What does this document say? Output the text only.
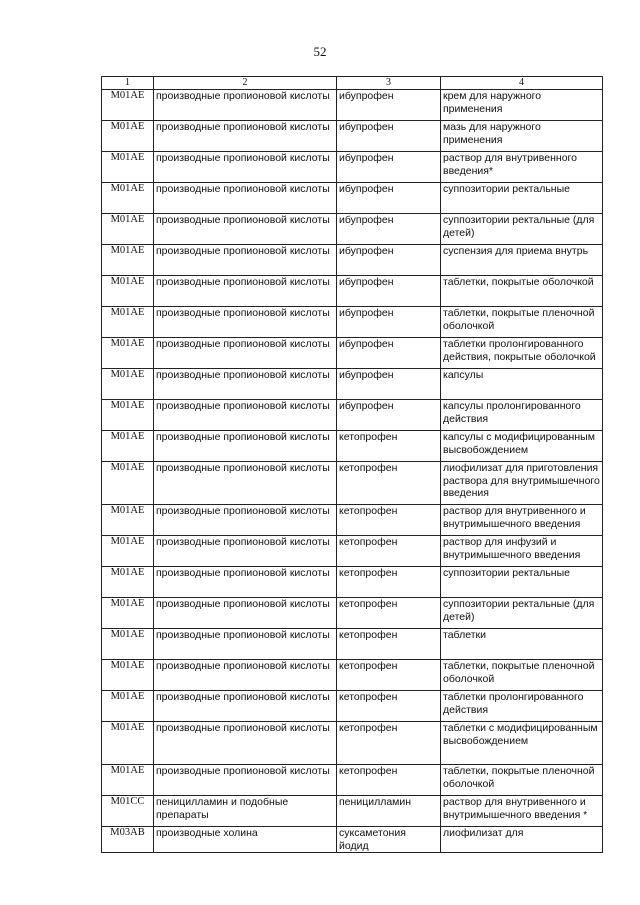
52
1	2	3	4
M01AE	производные пропионовой кислоты	ибупрофен	крем для наружного применения
M01AE	производные пропионовой кислоты	ибупрофен	мазь для наружного применения
M01AE	производные пропионовой кислоты	ибупрофен	раствор для внутривенного введения*
M01AE	производные пропионовой кислоты	ибупрофен	суппозитории ректальные
M01AE	производные пропионовой кислоты	ибупрофен	суппозитории ректальные (для детей)
M01AE	производные пропионовой кислоты	ибупрофен	суспензия для приема внутрь
M01AE	производные пропионовой кислоты	ибупрофен	таблетки, покрытые оболочкой
M01AE	производные пропионовой кислоты	ибупрофен	таблетки, покрытые пленочной оболочкой
M01AE	производные пропионовой кислоты	ибупрофен	таблетки пролонгированного действия, покрытые оболочкой
M01AE	производные пропионовой кислоты	ибупрофен	капсулы
M01AE	производные пропионовой кислоты	ибупрофен	капсулы пролонгированного действия
M01AE	производные пропионовой кислоты	кетопрофен	капсулы с модифицированным высвобождением
M01AE	производные пропионовой кислоты	кетопрофен	лиофилизат для приготовления раствора для внутримышечного введения
M01AE	производные пропионовой кислоты	кетопрофен	раствор для внутривенного и внутримышечного введения
M01AE	производные пропионовой кислоты	кетопрофен	раствор для инфузий и внутримышечного введения
M01AE	производные пропионовой кислоты	кетопрофен	суппозитории ректальные
M01AE	производные пропионовой кислоты	кетопрофен	суппозитории ректальные (для детей)
M01AE	производные пропионовой кислоты	кетопрофен	таблетки
M01AE	производные пропионовой кислоты	кетопрофен	таблетки, покрытые пленочной оболочкой
M01AE	производные пропионовой кислоты	кетопрофен	таблетки пролонгированного действия
M01AE	производные пропионовой кислоты	кетопрофен	таблетки с модифицированным высвобождением
M01AE	производные пропионовой кислоты	кетопрофен	таблетки, покрытые пленочной оболочкой
M01CC	пеницилламин и подобные препараты	пеницилламин	раствор для внутривенного и внутримышечного введения *
M03AB	производные холина	суксаметония йодид	лиофилизат для
